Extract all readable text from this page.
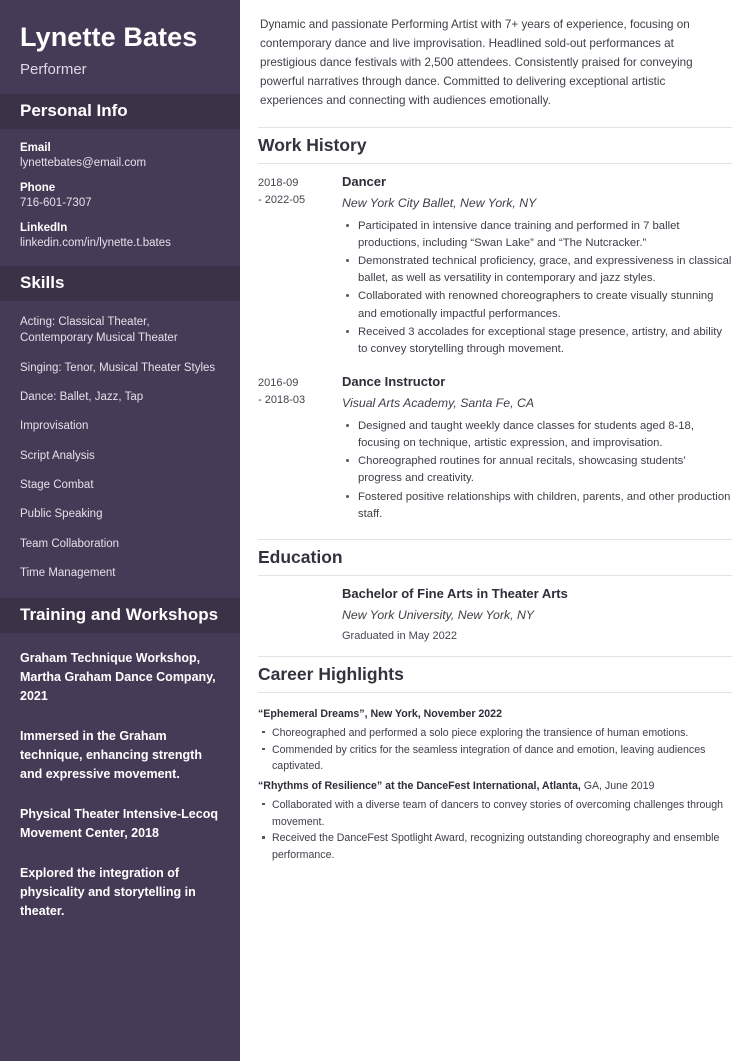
Lynette Bates
Performer
Personal Info
Email
lynettebates@email.com
Phone
716-601-7307
LinkedIn
linkedin.com/in/lynette.t.bates
Skills
Acting: Classical Theater, Contemporary Musical Theater
Singing: Tenor, Musical Theater Styles
Dance: Ballet, Jazz, Tap
Improvisation
Script Analysis
Stage Combat
Public Speaking
Team Collaboration
Time Management
Training and Workshops
Graham Technique Workshop, Martha Graham Dance Company, 2021
Immersed in the Graham technique, enhancing strength and expressive movement.
Physical Theater Intensive-Lecoq Movement Center, 2018
Explored the integration of physicality and storytelling in theater.

Dynamic and passionate Performing Artist with 7+ years of experience, focusing on contemporary dance and live improvisation. Headlined sold-out performances at prestigious dance festivals with 2,500 attendees. Consistently praised for conveying powerful narratives through dance. Committed to delivering exceptional artistic experiences and connecting with audiences emotionally.

Work History
2018-09
- 2022-05
Dancer
New York City Ballet, New York, NY
Participated in intensive dance training and performed in 7 ballet productions, including “Swan Lake” and “The Nutcracker.”
Demonstrated technical proficiency, grace, and expressiveness in classical ballet, as well as versatility in contemporary and jazz styles.
Collaborated with renowned choreographers to create visually stunning and emotionally impactful performances.
Received 3 accolades for exceptional stage presence, artistry, and ability to convey storytelling through movement.
2016-09
- 2018-03
Dance Instructor
Visual Arts Academy, Santa Fe, CA
Designed and taught weekly dance classes for students aged 8-18, focusing on technique, artistic expression, and improvisation.
Choreographed routines for annual recitals, showcasing students’ progress and creativity.
Fostered positive relationships with children, parents, and other production staff.
Education
Bachelor of Fine Arts in Theater Arts
New York University, New York, NY
Graduated in May 2022
Career Highlights
“Ephemeral Dreams”, New York, November 2022
Choreographed and performed a solo piece exploring the transience of human emotions.
Commended by critics for the seamless integration of dance and emotion, leaving audiences captivated.
“Rhythms of Resilience” at the DanceFest International, Atlanta, GA, June 2019
Collaborated with a diverse team of dancers to convey stories of overcoming challenges through movement.
Received the DanceFest Spotlight Award, recognizing outstanding choreography and ensemble performance.
